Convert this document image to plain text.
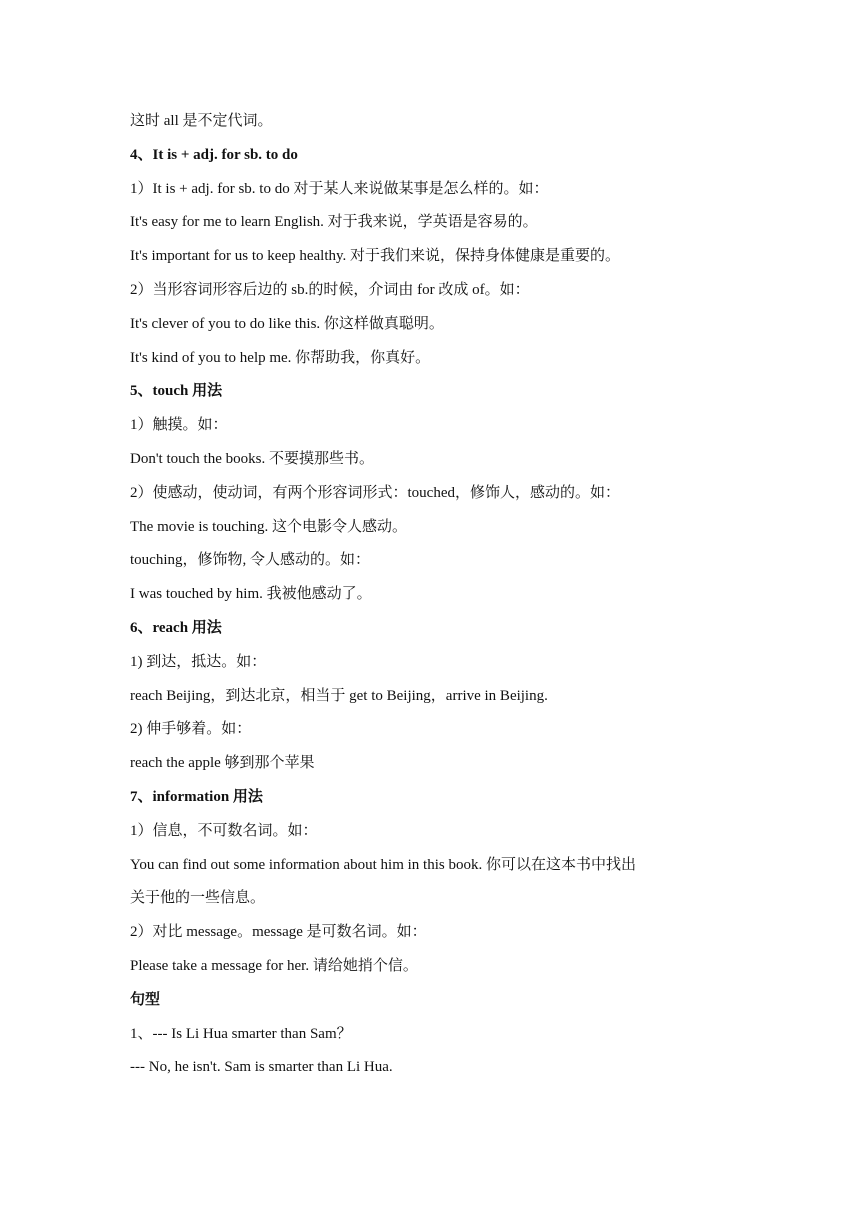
这时 all 是不定代词。
4、It is + adj. for sb. to do
1）It is + adj. for sb. to do 对于某人来说做某事是怎么样的。如：
It's easy for me to learn English. 对于我来说，学英语是容易的。
It's important for us to keep healthy. 对于我们来说，保持身体健康是重要的。
2）当形容词形容后边的 sb.的时候，介词由 for 改成 of。如：
It's clever of you to do like this. 你这样做真聪明。
It's kind of you to help me. 你帮助我，你真好。
5、touch 用法
1）触摸。如：
Don't touch the books. 不要摸那些书。
2）使感动，使动词，有两个形容词形式：touched，修饰人，感动的。如：
The movie is touching. 这个电影令人感动。
touching，修饰物, 令人感动的。如：
I was touched by him. 我被他感动了。
6、reach 用法
1) 到达，抵达。如：
reach Beijing，到达北京，相当于 get to Beijing，arrive in Beijing.
2) 伸手够着。如：
reach the apple 够到那个苹果
7、information 用法
1）信息，不可数名词。如：
You can find out some information about him in this book. 你可以在这本书中找出
关于他的一些信息。
2）对比 message。message 是可数名词。如：
Please take a message for her. 请给她捎个信。
句型
1、--- Is Li Hua smarter than Sam？
--- No, he isn't. Sam is smarter than Li Hua.
